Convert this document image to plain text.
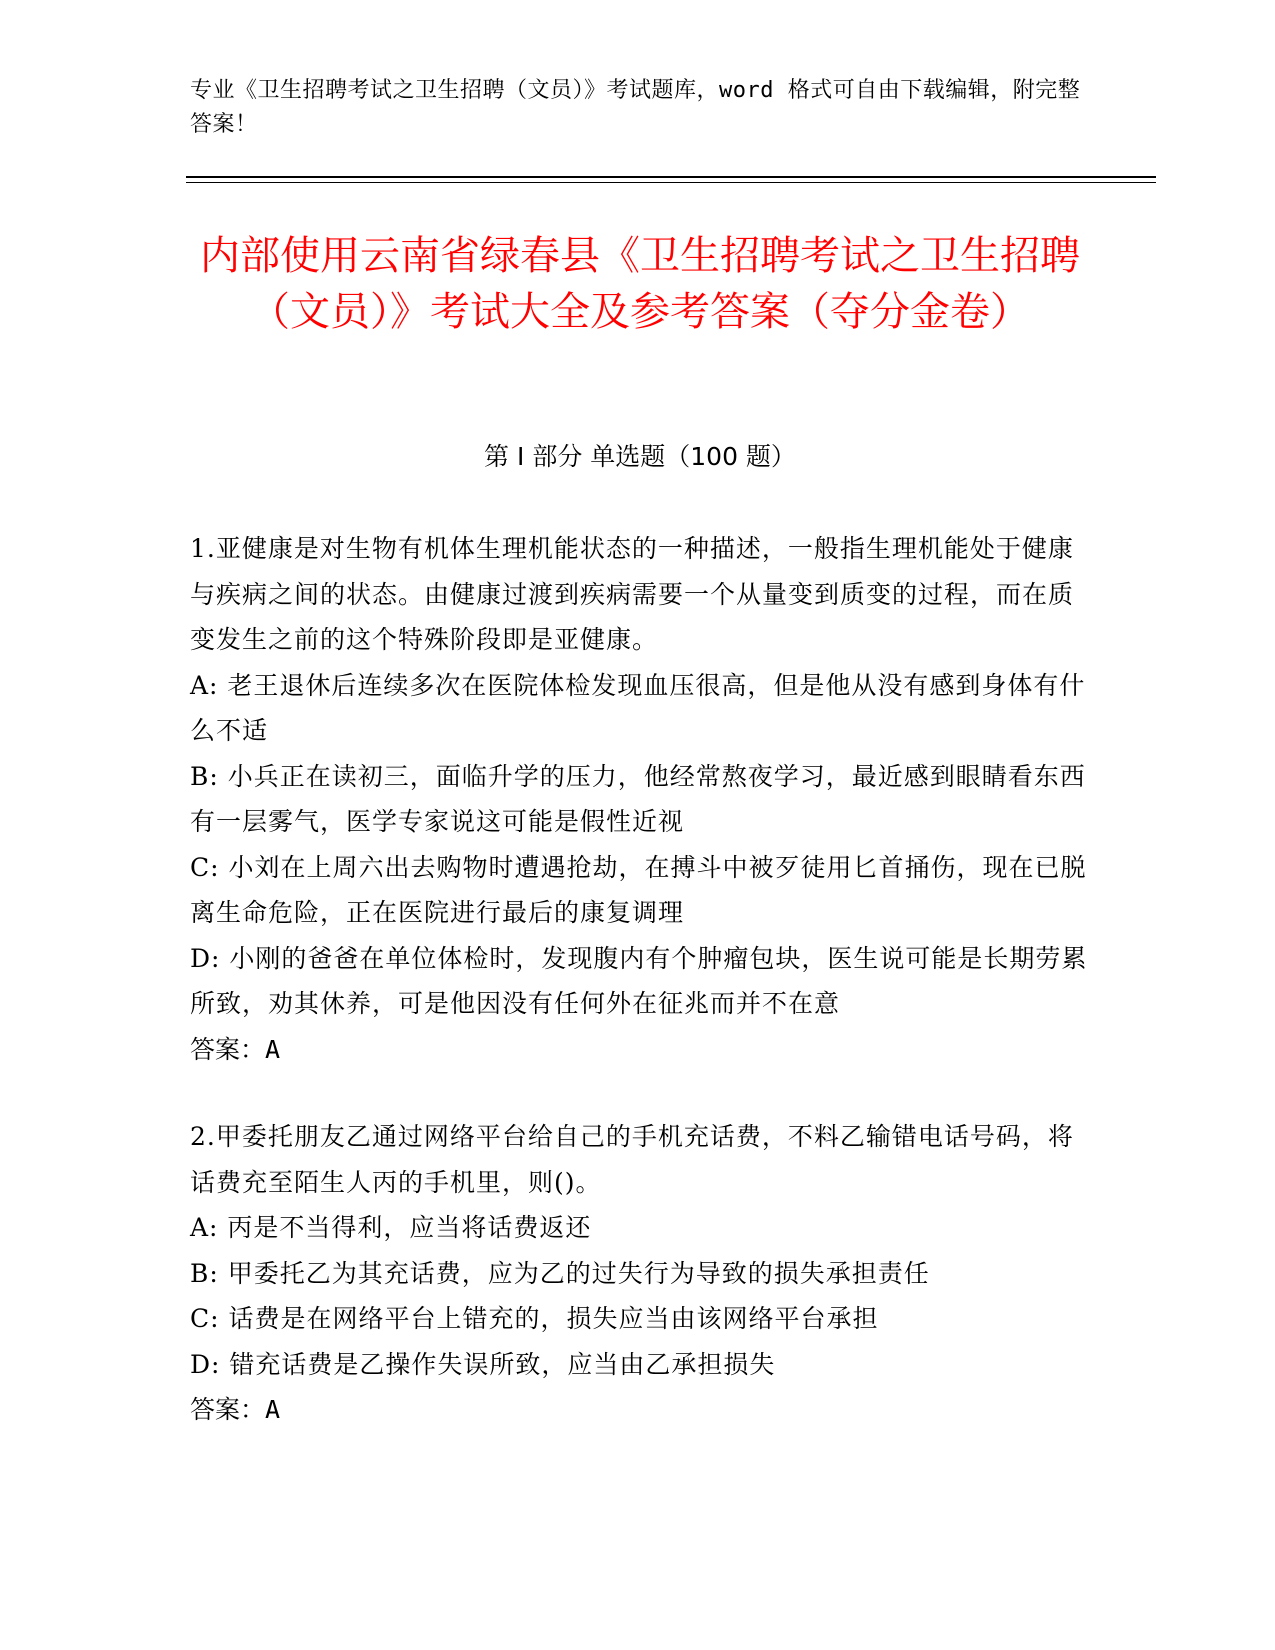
专业《卫生招聘考试之卫生招聘（文员）》考试题库，word 格式可自由下载编辑，附完整答案！
内部使用云南省绿春县《卫生招聘考试之卫生招聘（文员）》考试大全及参考答案（夺分金卷）
第 I 部分 单选题（100 题）

1.亚健康是对生物有机体生理机能状态的一种描述，一般指生理机能处于健康与疾病之间的状态。由健康过渡到疾病需要一个从量变到质变的过程，而在质变发生之前的这个特殊阶段即是亚健康。

A: 老王退休后连续多次在医院体检发现血压很高，但是他从没有感到身体有什么不适

B: 小兵正在读初三，面临升学的压力，他经常熬夜学习，最近感到眼睛看东西有一层雾气，医学专家说这可能是假性近视

C: 小刘在上周六出去购物时遭遇抢劫，在搏斗中被歹徒用匕首捅伤，现在已脱离生命危险，正在医院进行最后的康复调理

D: 小刚的爸爸在单位体检时，发现腹内有个肿瘤包块，医生说可能是长期劳累所致，劝其休养，可是他因没有任何外在征兆而并不在意

答案：A

2.甲委托朋友乙通过网络平台给自己的手机充话费，不料乙输错电话号码，将话费充至陌生人丙的手机里，则()。

A: 丙是不当得利，应当将话费返还

B: 甲委托乙为其充话费，应为乙的过失行为导致的损失承担责任

C: 话费是在网络平台上错充的，损失应当由该网络平台承担

D: 错充话费是乙操作失误所致，应当由乙承担损失

答案：A
